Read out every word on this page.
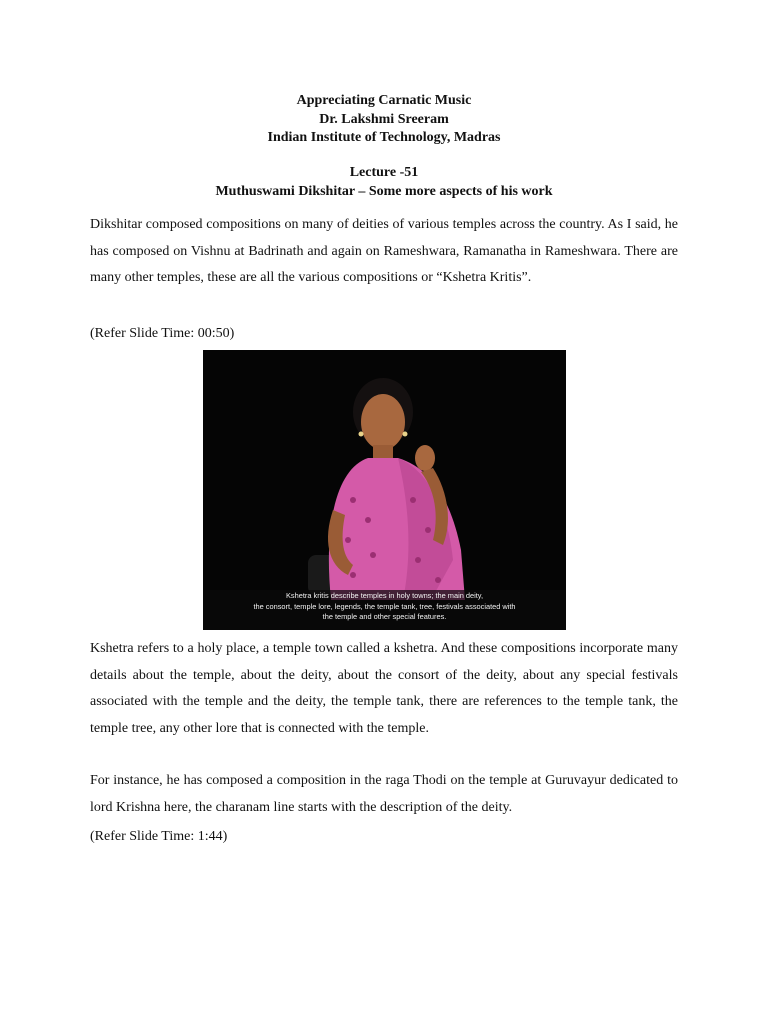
Appreciating Carnatic Music
Dr. Lakshmi Sreeram
Indian Institute of Technology, Madras
Lecture -51
Muthuswami Dikshitar – Some more aspects of his work

Dikshitar composed compositions on many of deities of various temples across the country. As I said, he has composed on Vishnu at Badrinath and again on Rameshwara, Ramanatha in Rameshwara. There are many other temples, these are all the various compositions or “Kshetra Kritis”.

(Refer Slide Time: 00:50)
Kshetra kritis describe temples in holy towns; the main deity,
the consort, temple lore, legends, the temple tank, tree, festivals associated with
the temple and other special features.

Kshetra refers to a holy place, a temple town called a kshetra. And these compositions incorporate many details about the temple, about the deity, about the consort of the deity, about any special festivals associated with the temple and the deity, the temple tank, there are references to the temple tank, the temple tree, any other lore that is connected with the temple.

For instance, he has composed a composition in the raga Thodi on the temple at Guruvayur dedicated to lord Krishna here, the charanam line starts with the description of the deity.

(Refer Slide Time: 1:44)
